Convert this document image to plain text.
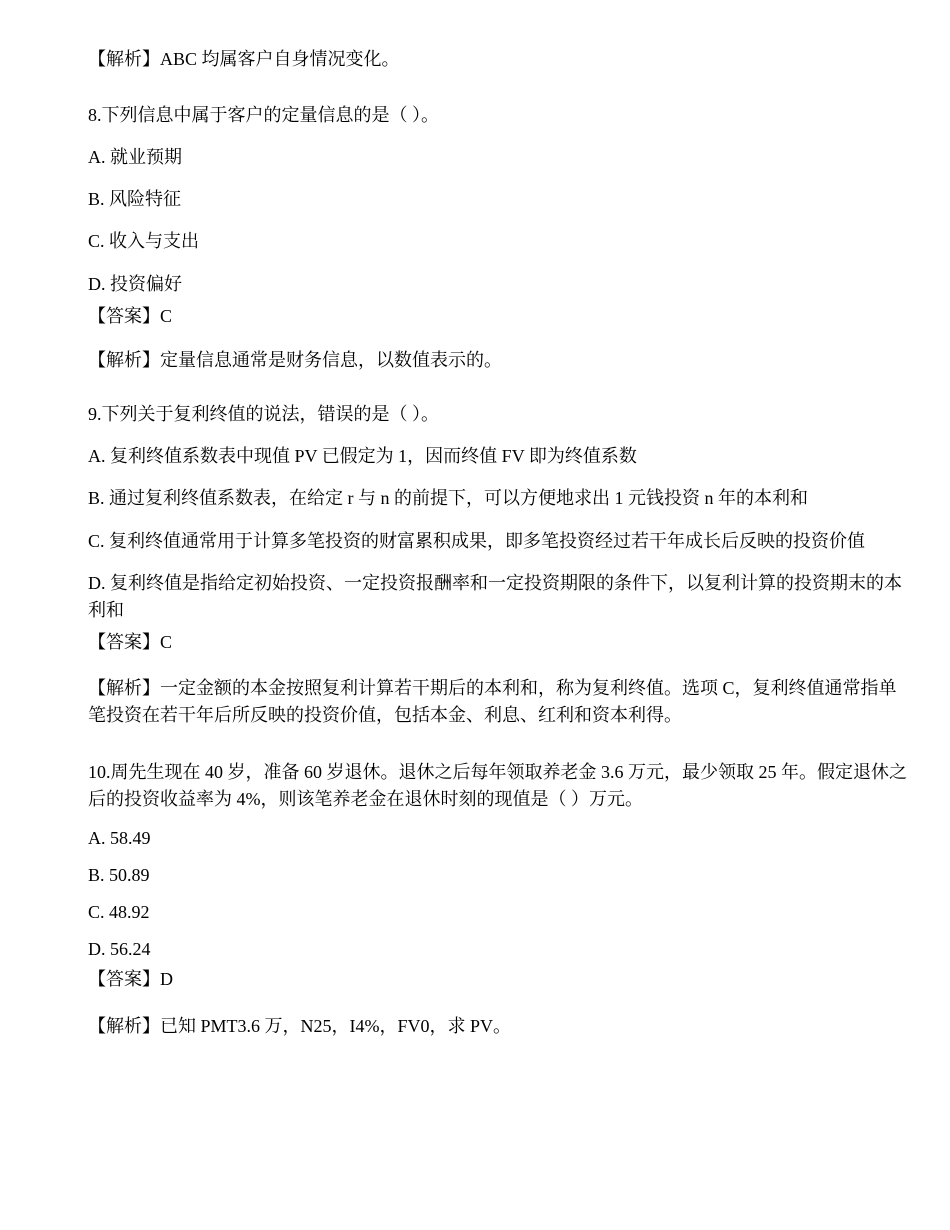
【解析】ABC 均属客户自身情况变化。
8.下列信息中属于客户的定量信息的是（ ）。
A. 就业预期
B. 风险特征
C. 收入与支出
D. 投资偏好
【答案】C
【解析】定量信息通常是财务信息，以数值表示的。
9.下列关于复利终值的说法，错误的是（ ）。
A. 复利终值系数表中现值 PV 已假定为 1，因而终值 FV 即为终值系数
B. 通过复利终值系数表，在给定 r 与 n 的前提下，可以方便地求出 1 元钱投资 n 年的本利和
C. 复利终值通常用于计算多笔投资的财富累积成果，即多笔投资经过若干年成长后反映的投资价值
D. 复利终值是指给定初始投资、一定投资报酬率和一定投资期限的条件下，以复利计算的投资期末的本利和
【答案】C
【解析】一定金额的本金按照复利计算若干期后的本利和，称为复利终值。选项 C，复利终值通常指单笔投资在若干年后所反映的投资价值，包括本金、利息、红利和资本利得。
10.周先生现在 40 岁，准备 60 岁退休。退休之后每年领取养老金 3.6 万元，最少领取 25 年。假定退休之后的投资收益率为 4%，则该笔养老金在退休时刻的现值是（ ）万元。
A. 58.49
B. 50.89
C. 48.92
D. 56.24
【答案】D
【解析】已知 PMT3.6 万，N25，I4%，FV0，求 PV。
